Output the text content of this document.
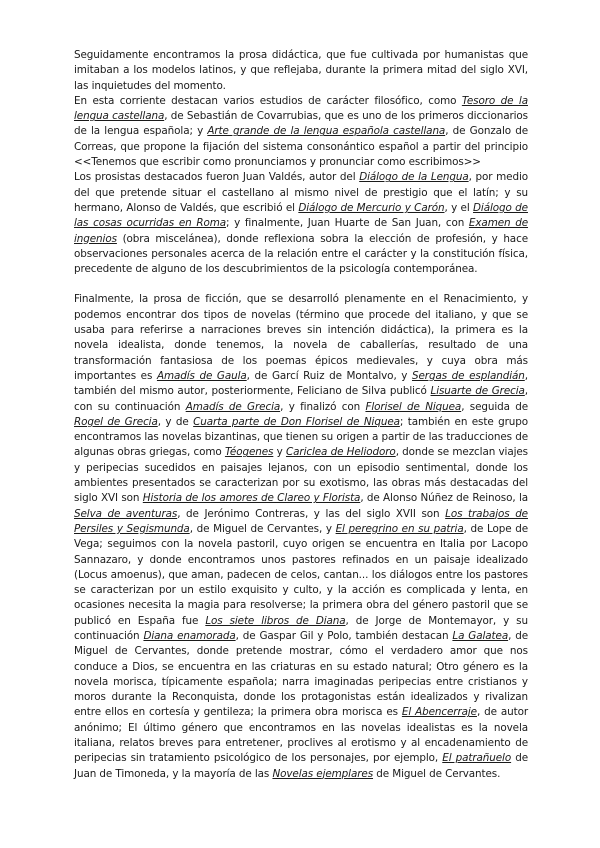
Seguidamente encontramos la prosa didáctica, que fue cultivada por humanistas que imitaban a los modelos latinos, y que reflejaba, durante la primera mitad del siglo XVI, las inquietudes del momento.

En esta corriente destacan varios estudios de carácter filosófico, como Tesoro de la lengua castellana, de Sebastián de Covarrubias, que es uno de los primeros diccionarios de la lengua española; y Arte grande de la lengua española castellana, de Gonzalo de Correas, que propone la fijación del sistema consonántico español a partir del principio <<Tenemos que escribir como pronunciamos y pronunciar como escribimos>>

Los prosistas destacados fueron Juan Valdés, autor del Diálogo de la Lengua, por medio del que pretende situar el castellano al mismo nivel de prestigio que el latín; y su hermano, Alonso de Valdés, que escribió el Diálogo de Mercurio y Carón, y el Diálogo de las cosas ocurridas en Roma; y finalmente, Juan Huarte de San Juan, con Examen de ingenios (obra miscelánea), donde reflexiona sobra la elección de profesión, y hace observaciones personales acerca de la relación entre el carácter y la constitución física, precedente de alguno de los descubrimientos de la psicología contemporánea.

Finalmente, la prosa de ficción, que se desarrolló plenamente en el Renacimiento, y podemos encontrar dos tipos de novelas (término que procede del italiano, y que se usaba para referirse a narraciones breves sin intención didáctica), la primera es la novela idealista, donde tenemos, la novela de caballerías, resultado de una transformación fantasiosa de los poemas épicos medievales, y cuya obra más importantes es Amadís de Gaula, de Garcí Ruiz de Montalvo, y Sergas de esplandián, también del mismo autor, posteriormente, Feliciano de Silva publicó Lisuarte de Grecia, con su continuación Amadís de Grecia, y finalizó con Florisel de Niquea, seguida de Rogel de Grecia, y de Cuarta parte de Don Florisel de Niquea; también en este grupo encontramos las novelas bizantinas, que tienen su origen a partir de las traducciones de algunas obras griegas, como Téogenes y Cariclea de Heliodoro, donde se mezclan viajes y peripecias sucedidos en paisajes lejanos, con un episodio sentimental, donde los ambientes presentados se caracterizan por su exotismo, las obras más destacadas del siglo XVI son Historia de los amores de Clareo y Florista, de Alonso Núñez de Reinoso, la Selva de aventuras, de Jerónimo Contreras, y las del siglo XVII son Los trabajos de Persiles y Segismunda, de Miguel de Cervantes, y El peregrino en su patria, de Lope de Vega; seguimos con la novela pastoril, cuyo origen se encuentra en Italia por Lacopo Sannazaro, y donde encontramos unos pastores refinados en un paisaje idealizado (Locus amoenus), que aman, padecen de celos, cantan... los diálogos entre los pastores se caracterizan por un estilo exquisito y culto, y la acción es complicada y lenta, en ocasiones necesita la magia para resolverse; la primera obra del género pastoril que se publicó en España fue Los siete libros de Diana, de Jorge de Montemayor, y su continuación Diana enamorada, de Gaspar Gil y Polo, también destacan La Galatea, de Miguel de Cervantes, donde pretende mostrar, cómo el verdadero amor que nos conduce a Dios, se encuentra en las criaturas en su estado natural; Otro género es la novela morisca, típicamente española; narra imaginadas peripecias entre cristianos y moros durante la Reconquista, donde los protagonistas están idealizados y rivalizan entre ellos en cortesía y gentileza; la primera obra morisca es El Abencerraje, de autor anónimo; El último género que encontramos en las novelas idealistas es la novela italiana, relatos breves para entretener, proclives al erotismo y al encadenamiento de peripecias sin tratamiento psicológico de los personajes, por ejemplo, El patrañuelo de Juan de Timoneda, y la mayoría de las Novelas ejemplares de Miguel de Cervantes.
